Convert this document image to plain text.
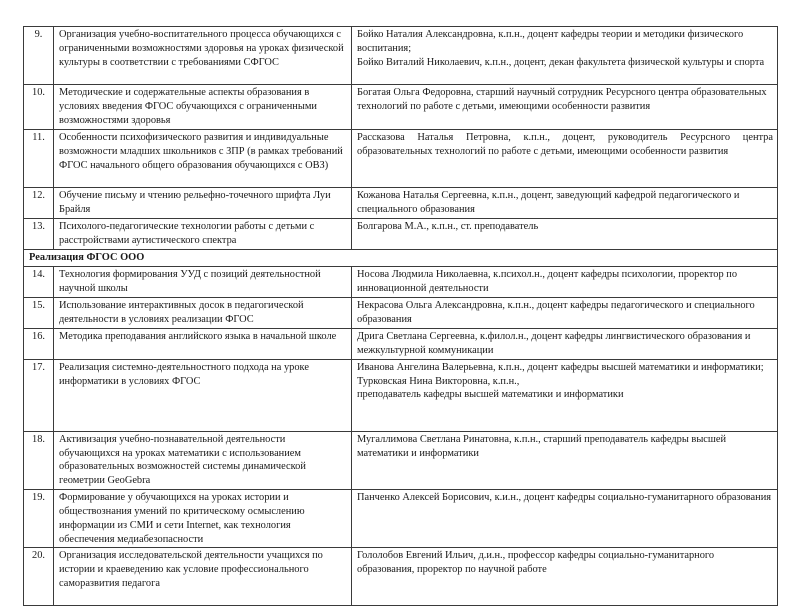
9.	Организация учебно-воспитательного процесса обучающихся с ограниченными возможностями здоровья на уроках физической культуры в соответствии с требованиями СФГОС	Бойко Наталия Александровна, к.п.н., доцент кафедры теории и методики физического воспитания;
Бойко Виталий Николаевич, к.п.н., доцент, декан факультета физической культуры и спорта

10.	Методические и содержательные аспекты образования в условиях введения ФГОС обучающихся с ограниченными возможностями здоровья	Богатая Ольга Федоровна, старший научный сотрудник Ресурсного центра образовательных технологий по работе с детьми, имеющими особенности развития
11.	Особенности психофизического развития и индивидуальные возможности младших школьников с ЗПР (в рамках требований ФГОС начального общего образования обучающихся с ОВЗ)	Рассказова Наталья Петровна, к.п.н., доцент, руководитель Ресурсного центра образовательных технологий по работе с детьми, имеющими особенности развития
12.	Обучение письму и чтению рельефно-точечного шрифта Луи Брайля	Кожанова Наталья Сергеевна, к.п.н., доцент, заведующий кафедрой педагогического и специального образования
13.	Психолого-педагогические технологии работы с детьми с расстройствами аутистического спектра	Болгарова М.А., к.п.н., ст. преподаватель
Реализация ФГОС ООО		
14.	Технология формирования УУД с позиций деятельностной научной школы	Носова Людмила Николаевна, к.психол.н., доцент кафедры психологии, проректор по инновационной деятельности
15.	Использование интерактивных досок в педагогической деятельности в условиях реализации ФГОС	Некрасова Ольга Александровна, к.п.н., доцент кафедры педагогического и специального образования
16.	Методика преподавания английского языка в начальной школе	Дрига Светлана Сергеевна, к.филол.н., доцент кафедры лингвистического образования и межкультурной коммуникации
17.	Реализация системно-деятельностного подхода на уроке информатики в условиях ФГОС	Иванова Ангелина Валерьевна, к.п.н., доцент кафедры высшей математики и информатики;
Турковская Нина Викторовна, к.п.н.,
преподаватель кафедры высшей математики и информатики

18.	Активизация учебно-познавательной деятельности обучающихся на уроках математики с использованием образовательных возможностей системы динамической геометрии GeoGebra	Мугаллимова Светлана Ринатовна, к.п.н., старший преподаватель кафедры высшей математики и информатики
19.	Формирование у обучающихся на уроках истории и обществознания умений по критическому осмыслению информации из СМИ и сети Internet, как технология обеспечения медиабезопасности	Панченко Алексей Борисович, к.и.н., доцент кафедры социально-гуманитарного образования
20.	Организация исследовательской деятельности учащихся по истории и краеведению как условие профессионального саморазвития педагога	Гололобов Евгений Ильич, д.и.н., профессор кафедры социально-гуманитарного образования, проректор по научной работе
